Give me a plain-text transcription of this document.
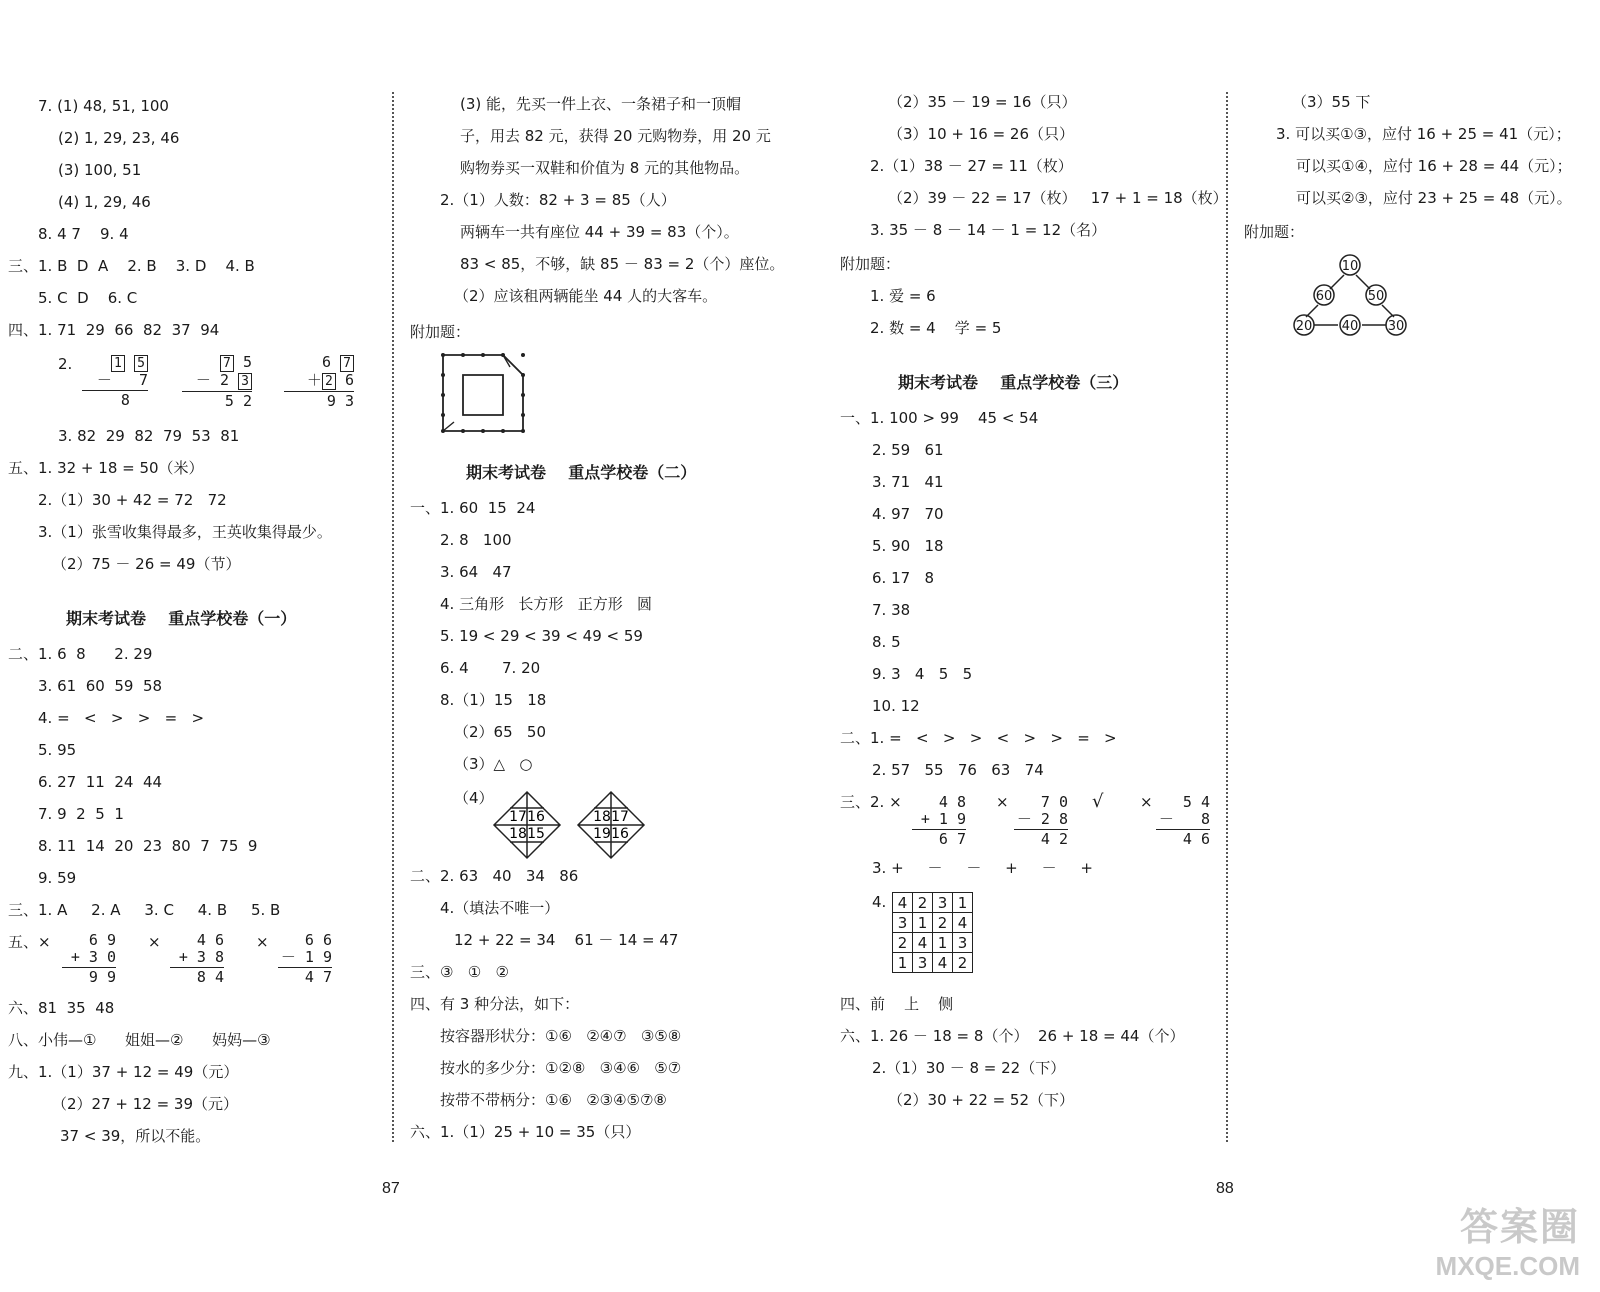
7. (1) 48, 51, 100
(2) 1, 29, 23, 46
(3) 100, 51
(4) 1, 29, 46
8. 4 7    9. 4
三、1. B  D  A    2. B    3. D    4. B
5. C  D    6. C
四、1. 71  29  66  82  37  94
2.	1 5
－ 7
8
7 5
－ 2 3
5 2
6 7
＋ 2 6
9 3
3. 82  29  82  79  53  81
五、1. 32 + 18 = 50（米）
2.（1）30 + 42 = 72   72
3.（1）张雪收集得最多，王英收集得最少。
（2）75 － 26 = 49（节）
期末考试卷    重点学校卷（一）
二、1. 6  8      2. 29
3. 61  60  59  58
4. =   <   >   >   =   >
5. 95
6. 27  11  24  44
7. 9  2  5  1
8. 11  14  20  23  80  7  75  9
9. 59
三、1. A     2. A     3. C     4. B     5. B
五、×	6 9
+ 3 0
9 9
×	4 6
+ 3 8
8 4
×	6 6
－ 1 9
4 7
六、81  35  48
八、小伟—①      姐姐—②      妈妈—③
九、1.（1）37 + 12 = 49（元）
（2）27 + 12 = 39（元）
37 < 39，所以不能。
(3) 能，先买一件上衣、一条裙子和一顶帽
子，用去 82 元，获得 20 元购物券，用 20 元
购物券买一双鞋和价值为 8 元的其他物品。
2.（1）人数：82 + 3 = 85（人）
两辆车一共有座位 44 + 39 = 83（个）。
83 < 85，不够，缺 85 － 83 = 2（个）座位。
（2）应该租两辆能坐 44 人的大客车。
附加题：
期末考试卷    重点学校卷（二）
一、1. 60  15  24
2. 8   100
3. 64   47
4. 三角形   长方形   正方形   圆
5. 19 < 29 < 39 < 49 < 59
6. 4       7. 20
8.（1）15   18
（2）65   50
（3）△   ○
（4）
17 16
18 15
18 17
19 16
二、2. 63   40   34   86
4.（填法不唯一）
12 + 22 = 34    61 － 14 = 47
三、③   ①   ②
四、有 3 种分法，如下：
按容器形状分：①⑥   ②④⑦   ③⑤⑧
按水的多少分：①②⑧   ③④⑥   ⑤⑦
按带不带柄分：①⑥   ②③④⑤⑦⑧
六、1.（1）25 + 10 = 35（只）
87
（2）35 － 19 = 16（只）
（3）10 + 16 = 26（只）
2.（1）38 － 27 = 11（枚）
（2）39 － 22 = 17（枚）   17 + 1 = 18（枚）
3. 35 － 8 － 14 － 1 = 12（名）
附加题：
1. 爱 = 6
2. 数 = 4    学 = 5
期末考试卷    重点学校卷（三）
一、1. 100 > 99    45 < 54
2. 59   61
3. 71   41
4. 97   70
5. 90   18
6. 17   8
7. 38
8. 5
9. 3   4   5   5
10. 12
二、1. =   <   >   >   <   >   >   =   >
2. 57   55   76   63   74
三、2. ×	4 8
+ 1 9
6 7
×	7 0
－ 2 8
4 2
√ ×	5 4
－   8
4 6
3. +     －     －     +     －     +
4. 4	2	3	1
3	1	2	4
2	4	1	3
1	3	4	2
四、前    上    侧
六、1. 26 － 18 = 8（个）  26 + 18 = 44（个）
2.（1）30 － 8 = 22（下）
（2）30 + 22 = 52（下）
（3）55 下
3. 可以买①③，应付 16 + 25 = 41（元）；
可以买①④，应付 16 + 28 = 44（元）；
可以买②③，应付 23 + 25 = 48（元）。
附加题：
10
60	50
20 40 30
88
答案圈
MXQE.COM
